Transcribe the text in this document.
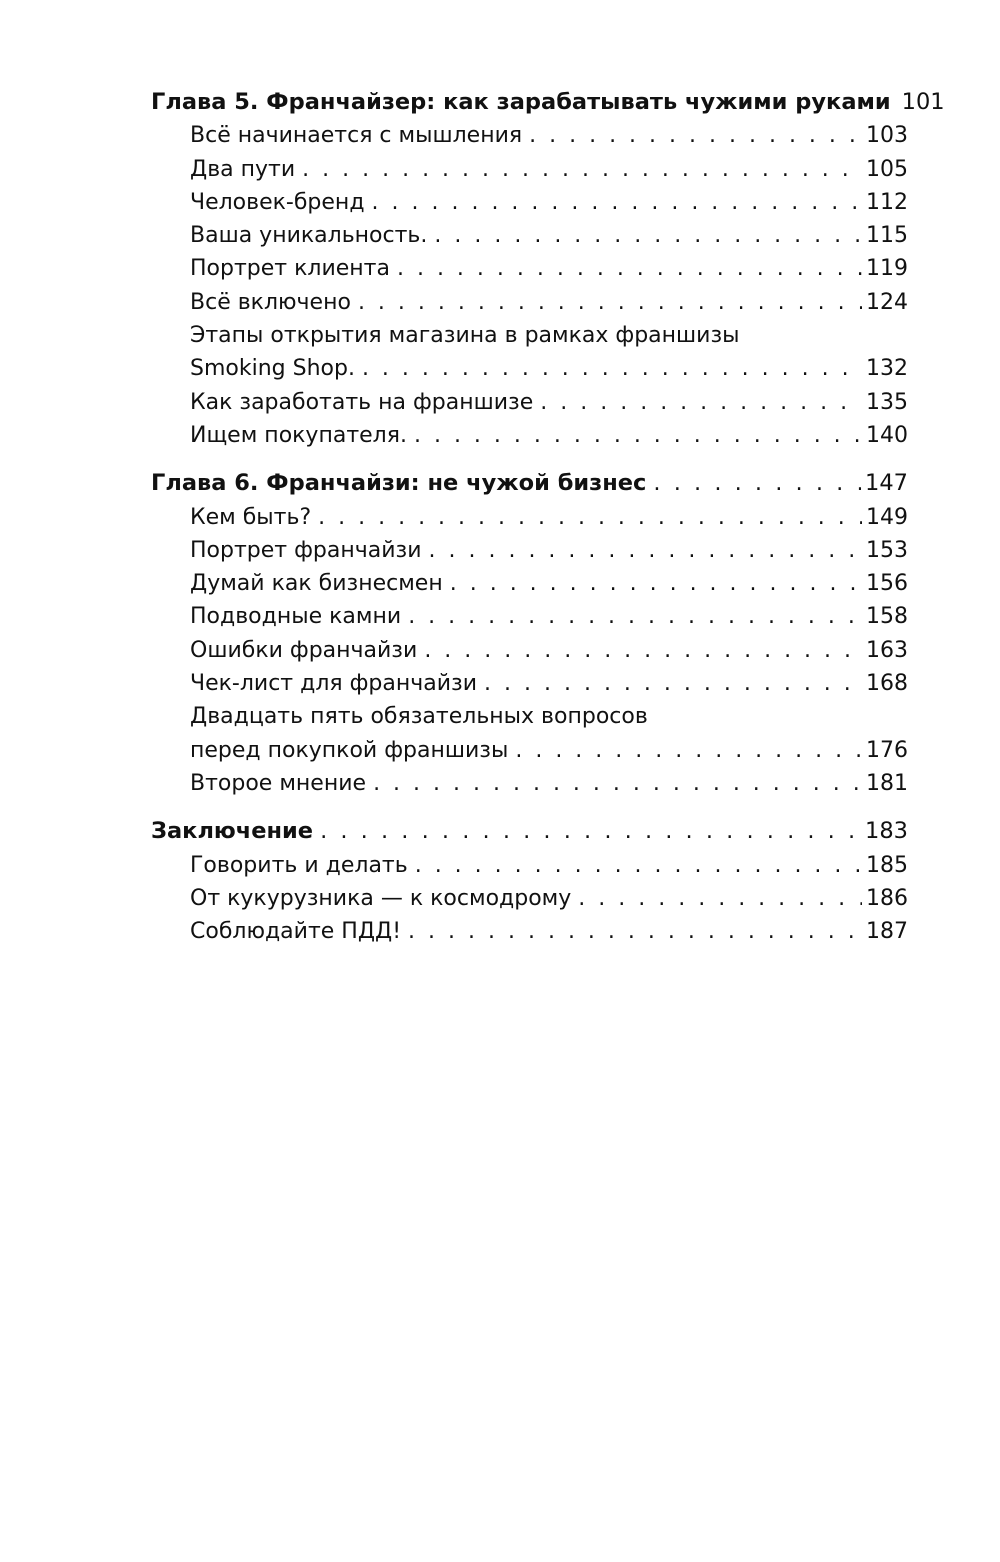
Глава 5. Франчайзер: как зарабатывать чужими руками . . . 101
Всё начинается с мышления . . .	103
Два пути . . .	105
Человек-бренд . . .	112
Ваша уникальность. . . .	115
Портрет клиента . . .	119
Всё включено . . .	124
Этапы открытия магазина в рамках франшизы
Smoking Shop. . . .	132
Как заработать на франшизе . . .	135
Ищем покупателя. . . .	140
Глава 6. Франчайзи: не чужой бизнес . . .	147
Кем быть? . . .	149
Портрет франчайзи . . .	153
Думай как бизнесмен . . .	156
Подводные камни . . .	158
Ошибки франчайзи . . .	163
Чек-лист для франчайзи . . .	168
Двадцать пять обязательных вопросов
перед покупкой франшизы . . .	176
Второе мнение . . .	181
Заключение . . .	183
Говорить и делать . . .	185
От кукурузника — к космодрому . . .	186
Соблюдайте ПДД! . . .	187
